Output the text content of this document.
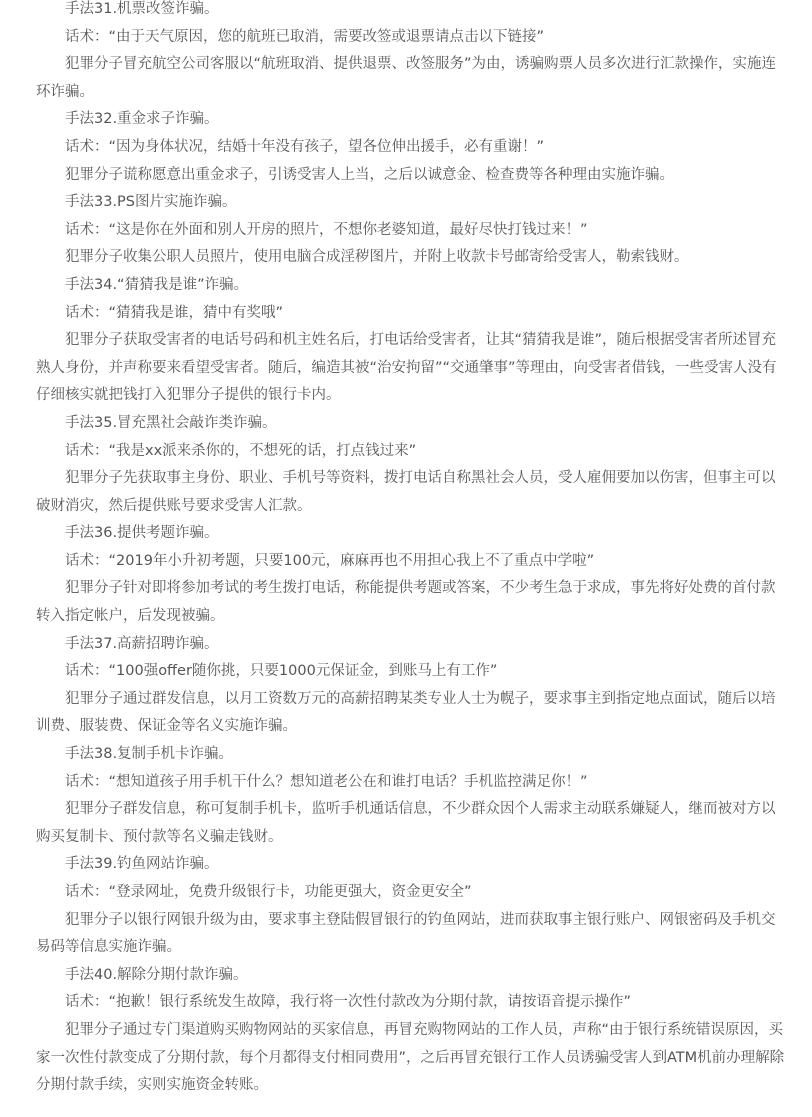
手法31.机票改签诈骗。

话术：“由于天气原因，您的航班已取消，需要改签或退票请点击以下链接”

犯罪分子冒充航空公司客服以“航班取消、提供退票、改签服务”为由，诱骗购票人员多次进行汇款操作，实施连环诈骗。

手法32.重金求子诈骗。

话术：“因为身体状况，结婚十年没有孩子，望各位伸出援手，必有重谢！”

犯罪分子谎称愿意出重金求子，引诱受害人上当，之后以诚意金、检查费等各种理由实施诈骗。

手法33.PS图片实施诈骗。

话术：“这是你在外面和别人开房的照片，不想你老婆知道，最好尽快打钱过来！”

犯罪分子收集公职人员照片，使用电脑合成淫秽图片，并附上收款卡号邮寄给受害人，勒索钱财。

手法34.“猜猜我是谁”诈骗。

话术：“猜猜我是谁，猜中有奖哦”

犯罪分子获取受害者的电话号码和机主姓名后，打电话给受害者，让其“猜猜我是谁”，随后根据受害者所述冒充熟人身份，并声称要来看望受害者。随后，编造其被“治安拘留”“交通肇事”等理由，向受害者借钱，一些受害人没有仔细核实就把钱打入犯罪分子提供的银行卡内。

手法35.冒充黑社会敲诈类诈骗。

话术：“我是xx派来杀你的，不想死的话，打点钱过来”

犯罪分子先获取事主身份、职业、手机号等资料，拨打电话自称黑社会人员，受人雇佣要加以伤害，但事主可以破财消灾，然后提供账号要求受害人汇款。

手法36.提供考题诈骗。

话术：“2019年小升初考题，只要100元，麻麻再也不用担心我上不了重点中学啦”

犯罪分子针对即将参加考试的考生拨打电话，称能提供考题或答案，不少考生急于求成，事先将好处费的首付款转入指定帐户，后发现被骗。

手法37.高薪招聘诈骗。

话术：“100强offer随你挑，只要1000元保证金，到账马上有工作”

犯罪分子通过群发信息，以月工资数万元的高薪招聘某类专业人士为幌子，要求事主到指定地点面试，随后以培训费、服装费、保证金等名义实施诈骗。

手法38.复制手机卡诈骗。

话术：“想知道孩子用手机干什么？想知道老公在和谁打电话？手机监控满足你！”

犯罪分子群发信息，称可复制手机卡，监听手机通话信息，不少群众因个人需求主动联系嫌疑人，继而被对方以购买复制卡、预付款等名义骗走钱财。

手法39.钓鱼网站诈骗。

话术：“登录网址，免费升级银行卡，功能更强大，资金更安全”

犯罪分子以银行网银升级为由，要求事主登陆假冒银行的钓鱼网站，进而获取事主银行账户、网银密码及手机交易码等信息实施诈骗。

手法40.解除分期付款诈骗。

话术：“抱歉！银行系统发生故障，我行将一次性付款改为分期付款，请按语音提示操作”

犯罪分子通过专门渠道购买购物网站的买家信息，再冒充购物网站的工作人员，声称“由于银行系统错误原因，买家一次性付款变成了分期付款，每个月都得支付相同费用”，之后再冒充银行工作人员诱骗受害人到ATM机前办理解除分期付款手续，实则实施资金转账。
